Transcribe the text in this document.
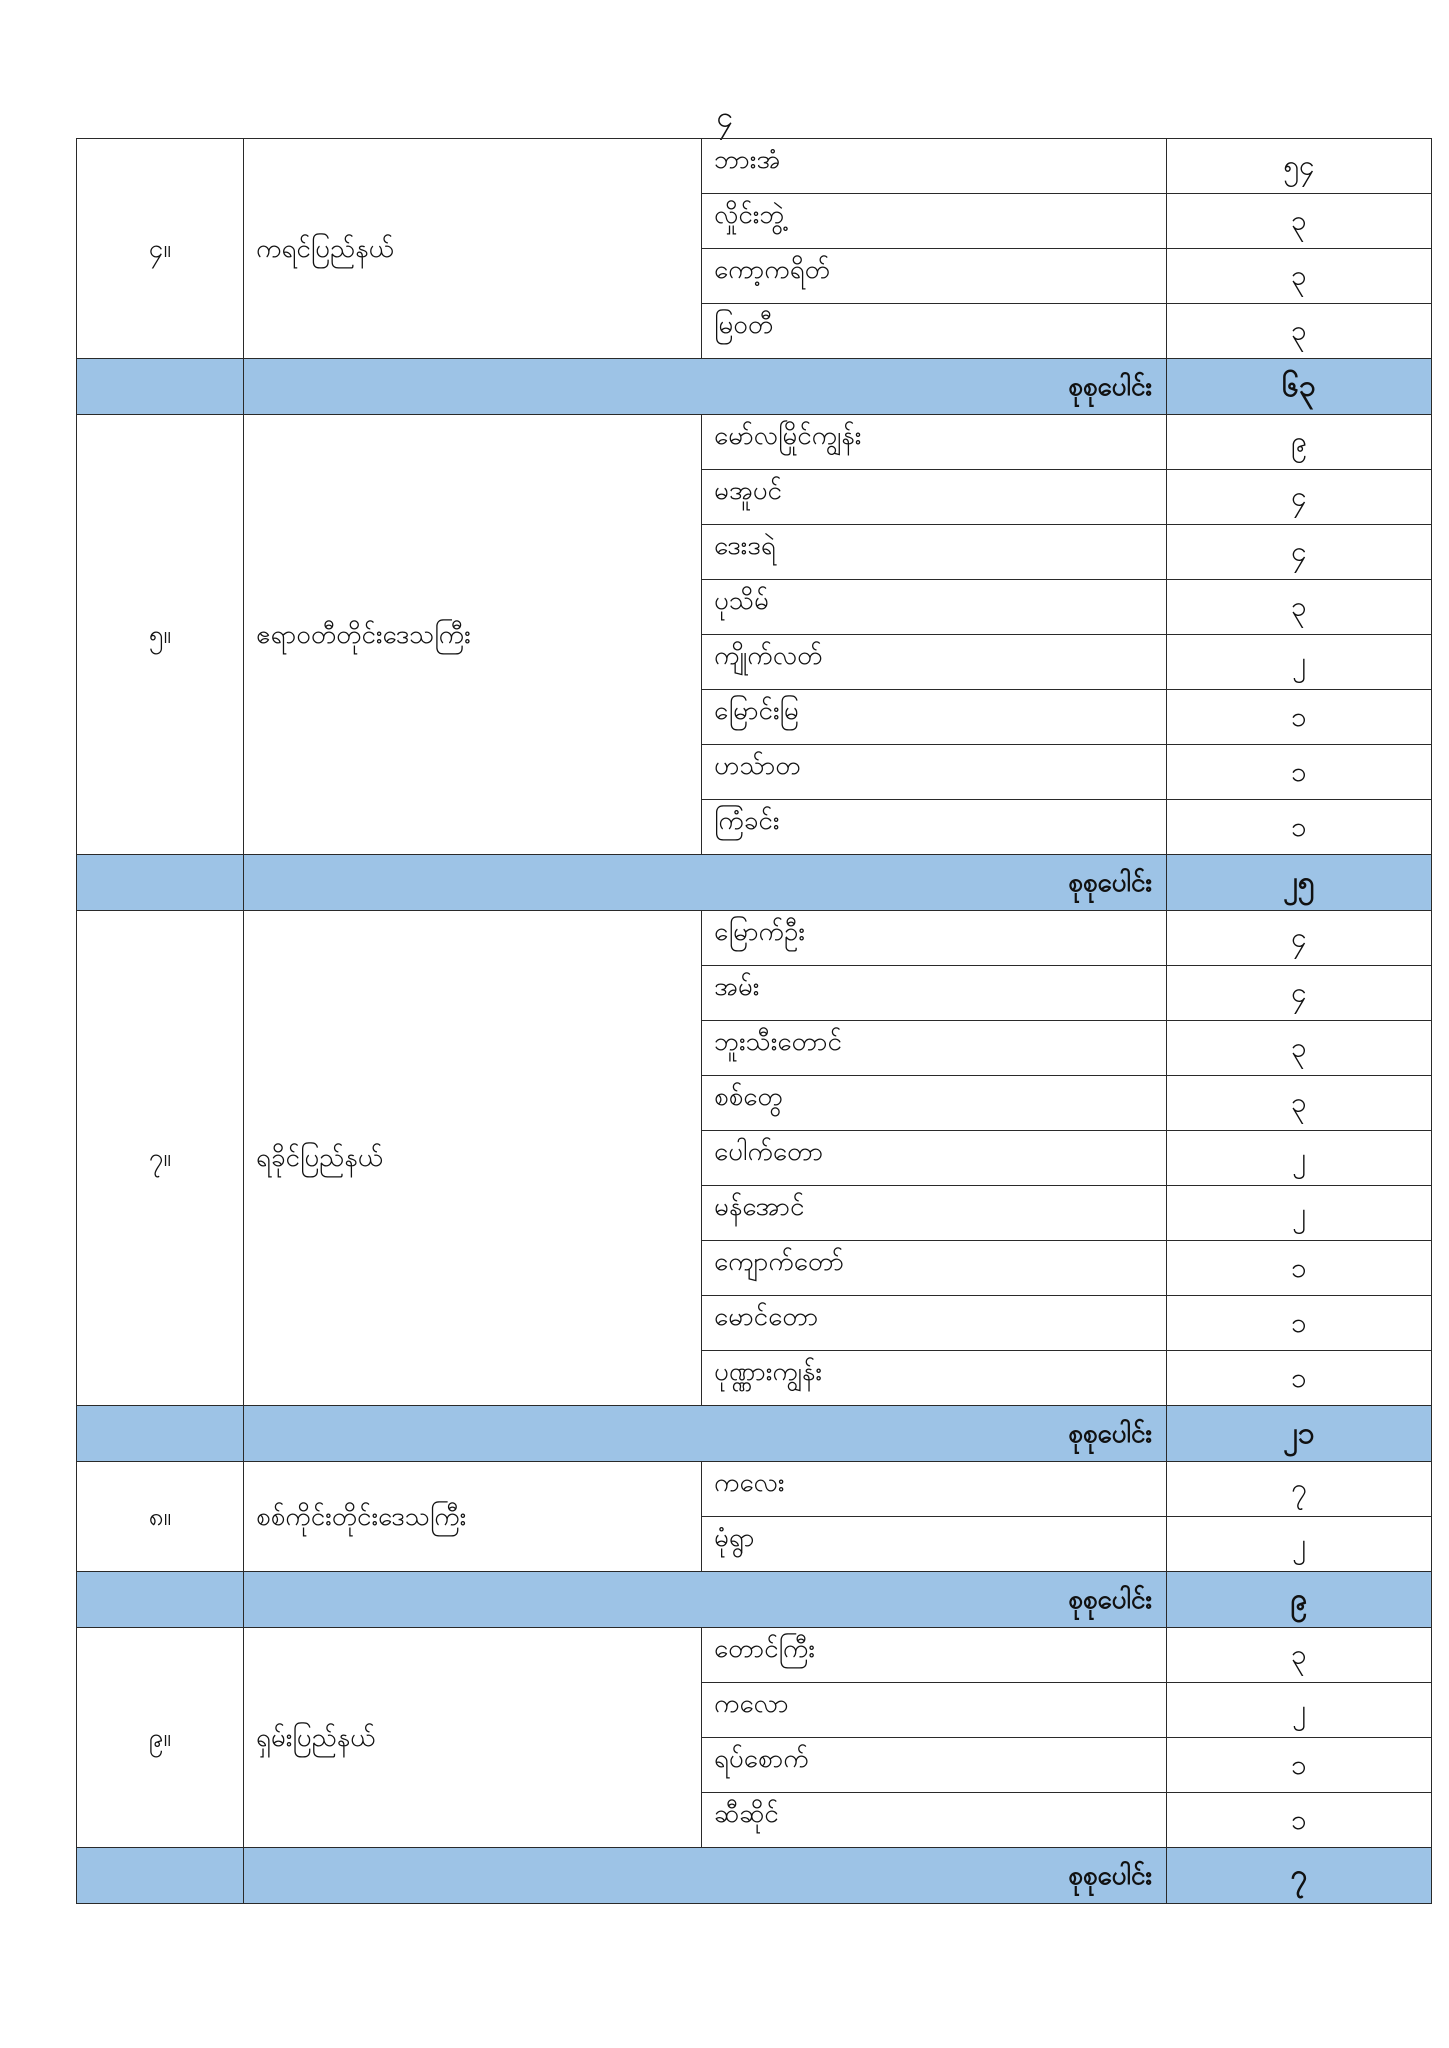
၄
၄။	ကရင်ပြည်နယ်	ဘားအံ	၅၄
		လှိုင်းဘွဲ့	၃
		ကော့ကရိတ်	၃
		မြဝတီ	၃
	စုစုပေါင်း		၆၃
၅။	ဧရာဝတီတိုင်းဒေသကြီး	မော်လမြိုင်ကျွန်း	၉
		မအူပင်	၄
		ဒေးဒရဲ	၄
		ပုသိမ်	၃
		ကျိုက်လတ်	၂
		မြောင်းမြ	၁
		ဟသ်ာတ	၁
		ကြံခင်း	၁
	စုစုပေါင်း		၂၅
၇။	ရခိုင်ပြည်နယ်	မြောက်ဦး	၄
		အမ်း	၄
		ဘူးသီးတောင်	၃
		စစ်တွေ	၃
		ပေါက်တော	၂
		မန်အောင်	၂
		ကျောက်တော်	၁
		မောင်တော	၁
		ပုဏ္ဏားကျွန်း	၁
	စုစုပေါင်း		၂၁
၈။	စစ်ကိုင်းတိုင်းဒေသကြီး	ကလေး	၇
		မုံရွာ	၂
	စုစုပေါင်း		၉
၉။	ရှမ်းပြည်နယ်	တောင်ကြီး	၃
		ကလော	၂
		ရပ်စောက်	၁
		ဆီဆိုင်	၁
	စုစုပေါင်း		၇
